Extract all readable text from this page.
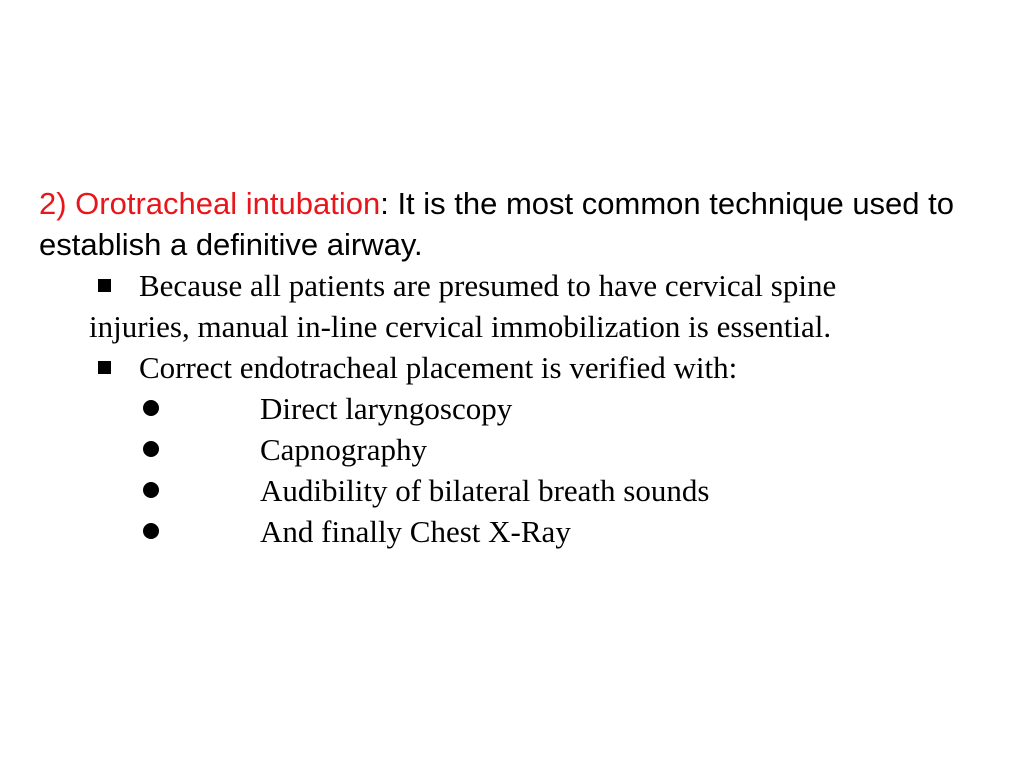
2) Orotracheal intubation: It is the most common technique used to establish a definitive airway.
Because all patients are presumed to have cervical spine
injuries, manual in-line cervical immobilization is essential.
Correct endotracheal placement is verified with:
Direct laryngoscopy
Capnography
Audibility of bilateral breath sounds
And finally Chest X-Ray
